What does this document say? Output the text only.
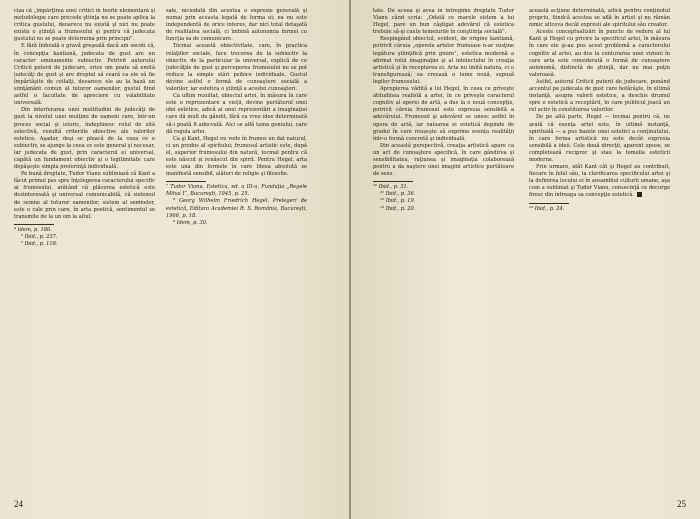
ciza că „împărţirea unei critici în teorie elementară şi metodologie care precede ştiinţa nu se poate aplica la critica gustului, deoarece nu există şi nici nu poate exista o ştiinţă a frumosului şi pentru că judecata gustului nu se poate determina prin principii”.

E fără îndoială o gravă greşeală dacă am socoti că, în concepţia kantiană, judecata de gust are un caracter eminamente subiectiv. Potrivit autorului Criticii puterii de judecare, orice om poate să emită judecăţi de gust şi are dreptul să ceară ca ele să fie împărtăşite de ceilalţi, deoarece ele au la bază un simţământ comun al tuturor oamenilor, gustul fiind astfel o facultate de apreciere cu valabilitate universală.

Din interferarea unei multitudini de judecăţi de gust la nivelul unei mulţimi de oameni care, într-un proces social şi istoric, îndeplinesc rolul de sită selectivă, rezultă criteriile obiective ale valorilor estetice. Aşadar, deşi se pleacă de la ceea ce e subiectiv, se ajunge la ceea ce este general şi necesar, iar judecata de gust, prin caracterul ei universal, capătă un fundament obiectiv şi o legitimitate care depăşeşte simpla preferinţă individuală.

Pe bună dreptate, Tudor Vianu subliniază că Kant a făcut primul pas spre înţelegerea caracterului specific al frumosului, arătând că plăcerea estetică este dezinteresată şi universal comunicabilă, că sistemul de semne al tuturor oamenilor, sistem al semnelor, este o cale prin care, în arta poetică, sentimentul se transmite de la un om la altul.

⁴ Idem, p. 186.

⁵ Ibid., p. 237.

⁶ Ibid., p. 118.

sale, niciodată din acestea o expresie generală şi numai prin aceasta legată de forma ei; ea nu este independentă de orice interes, dar nici total detaşată de realitatea socială, ci îmbină autonomia formei cu funcţia sa de comunicare.

Tocmai această obiectivitate, care, în practica relaţiilor sociale, face trecerea de la subiectiv la obiectiv, de la particular la universal, explică de ce judecăţile de gust şi perceperea frumosului nu se pot reduce la simple stări psihice individuale. Gustul devine astfel o formă de cunoaştere socială a valorilor, iar estetica o ştiinţă a acestei cunoaşteri.

Ca ultim rezultat, obiectul artei, în măsura în care este o reprezentare a vieţii, devine purtătorul unei idei estetice, adică al unei reprezentări a imaginaţiei care dă mult de gândit, fără ca vreo idee determinată să-i poată fi adecvată. Aici se află taina geniului, care dă regula artei.

Ca şi Kant, Hegel nu vede în frumos un dat natural, ci un produs al spiritului; frumosul artistic este, după el, superior frumosului din natură, tocmai pentru că este născut şi renăscut din spirit. Pentru Hegel, arta este una din formele în care Ideea absolută se manifestă sensibil, alături de religie şi filosofie.

⁷ Tudor Vianu, Estetica, ed. a III-a, Fundaţia „Regele Mihai I”, Bucureşti, 1945, p. 25.

⁸ Georg Wilhelm Friedrich Hegel, Prelegeri de estetică, Editura Academiei R. S. România, Bucureşti, 1966, p. 18.

⁹ Idem, p. 30.

24

tate. De aceea şi avea în întregime dreptate Tudor Vianu când scria: „Odată ce marele sistem a lui Hegel, pare un bun câştigat adevărul că estetica trebuie să-şi caute temeiurile în conştiinţa socială”.

Respingând obiectul, evident, de origine kantiană, potrivit căruia „operele artelor frumoase n-ar susţine legătura ştiinţifică prin ginire”, estetica modernă a afirmat rolul imaginaţiei şi al intelectului în creaţia artistică şi în receptarea ei. Arta nu imită natura, ci o transfigurează; ea creează o lume nouă, supusă legilor frumosului.

Apropierea vădită a lui Hegel, în ceea ce priveşte atitudinea realistă a artei, în ce priveşte caracterul cognitiv al operei de artă, a dus la o nouă concepţie, potrivit căreia frumosul este expresia sensibilă a adevărului. Frumosul şi adevărul se unesc astfel în opera de artă, iar valoarea ei estetică depinde de gradul în care reuşeşte să exprime esenţa realităţii într-o formă concretă şi individuală.

Din această perspectivă, creaţia artistică apare ca un act de cunoaştere specifică, în care gândirea şi sensibilitatea, raţiunea şi imaginaţia colaborează pentru a da naştere unei imagini artistice purtătoare de sens.

¹⁰ Ibid., p. 31.

¹¹ Ibid., p. 36.

¹² Ibid., p. 19.

¹³ Ibid., p. 20.

această acţiune determinată, adică pentru conţinutul propriu, fiindcă acestea se află în artist şi nu rămân nimic altceva decât expresii ale spiritului său creator.

Aceste conceptualizări în puncte de vedere al lui Kant şi Hegel cu privire la specificul artei, în măsura în care ele şi-au pus acest problemă a caracterului cognitiv al artei, au dus la conturarea unei viziuni în care arta este considerată o formă de cunoaştere autonomă, distinctă de ştiinţă, dar nu mai puţin valoroasă.

Astfel, autorul Criticii puterii de judecare, punând accentul pe judecata de gust care hotărăşte, în ultimă instanţă, asupra valorii estetice, a deschis drumul spre o estetică a receptării, în care publicul joacă un rol activ în constituirea valorilor.

De pe altă parte, Hegel — tocmai pentru că, ne arată că esenţa artei este, în ultimă instanţă, spirituală — a pus bazele unei estetici a conţinutului, în care forma artistică nu este decât expresia sensibilă a ideii. Cele două direcţii, aparent opuse, se completează reciproc şi stau la temelia esteticii moderne.

Prin urmare, atât Kant cât şi Hegel au contribuit, fiecare în felul său, la clarificarea specificului artei şi la definirea locului ei în ansamblul culturii umane, aşa cum a subliniat şi Tudor Vianu, consecinţă ce decurge firesc din întreaga sa concepţie estetică.

¹⁴ Ibid., p. 24.

25
